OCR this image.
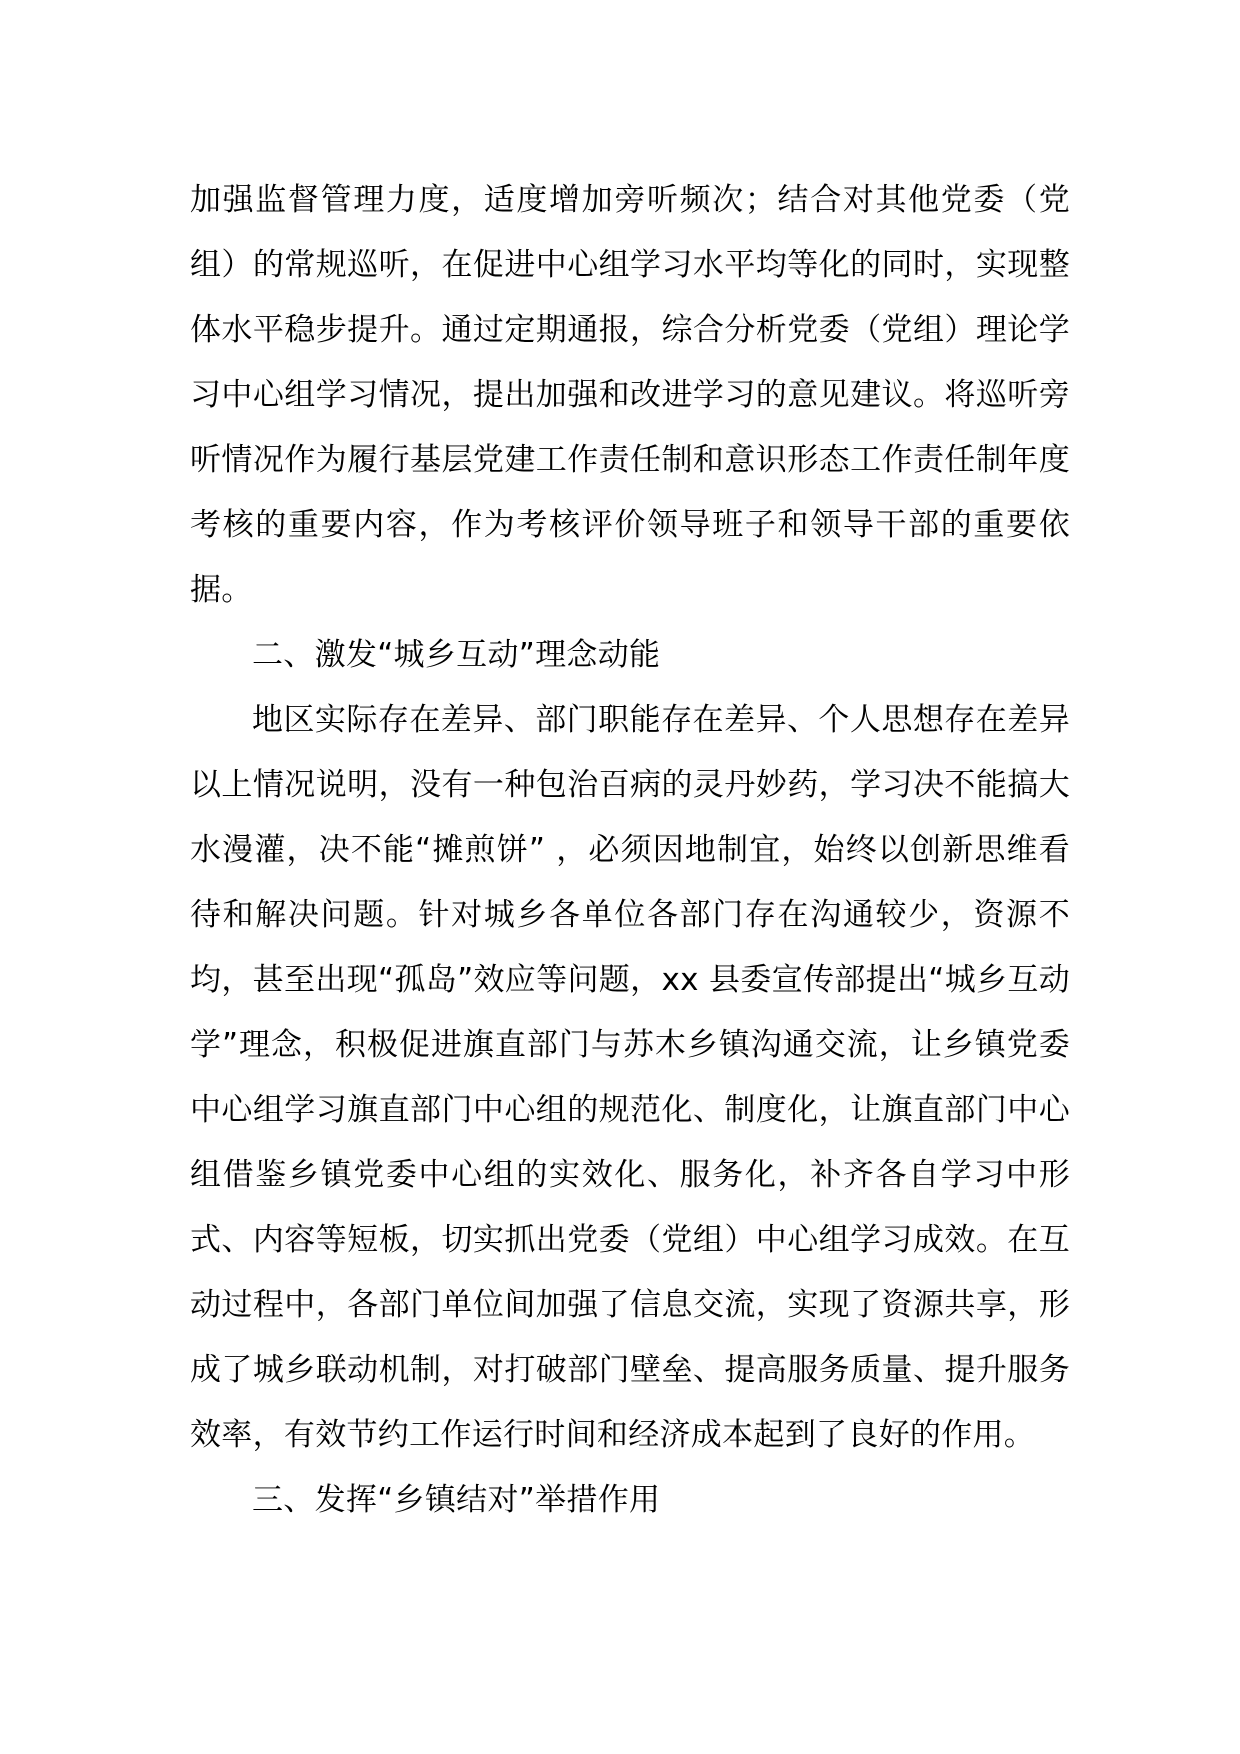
加强监督管理力度，适度增加旁听频次；结合对其他党委（党组）的常规巡听，在促进中心组学习水平均等化的同时，实现整体水平稳步提升。通过定期通报，综合分析党委（党组）理论学习中心组学习情况，提出加强和改进学习的意见建议。将巡听旁听情况作为履行基层党建工作责任制和意识形态工作责任制年度考核的重要内容，作为考核评价领导班子和领导干部的重要依据。

二、激发“城乡互动”理念动能

地区实际存在差异、部门职能存在差异、个人思想存在差异 以上情况说明，没有一种包治百病的灵丹妙药，学习决不能搞大水漫灌，决不能“摊煎饼” ，必须因地制宜，始终以创新思维看待和解决问题。针对城乡各单位各部门存在沟通较少，资源不均，甚至出现“孤岛”效应等问题，xx 县委宣传部提出“城乡互动学”理念，积极促进旗直部门与苏木乡镇沟通交流，让乡镇党委中心组学习旗直部门中心组的规范化、制度化，让旗直部门中心组借鉴乡镇党委中心组的实效化、服务化，补齐各自学习中形式、内容等短板，切实抓出党委（党组）中心组学习成效。在互动过程中，各部门单位间加强了信息交流，实现了资源共享，形成了城乡联动机制，对打破部门壁垒、提高服务质量、提升服务效率，有效节约工作运行时间和经济成本起到了良好的作用。

三、发挥“乡镇结对”举措作用
